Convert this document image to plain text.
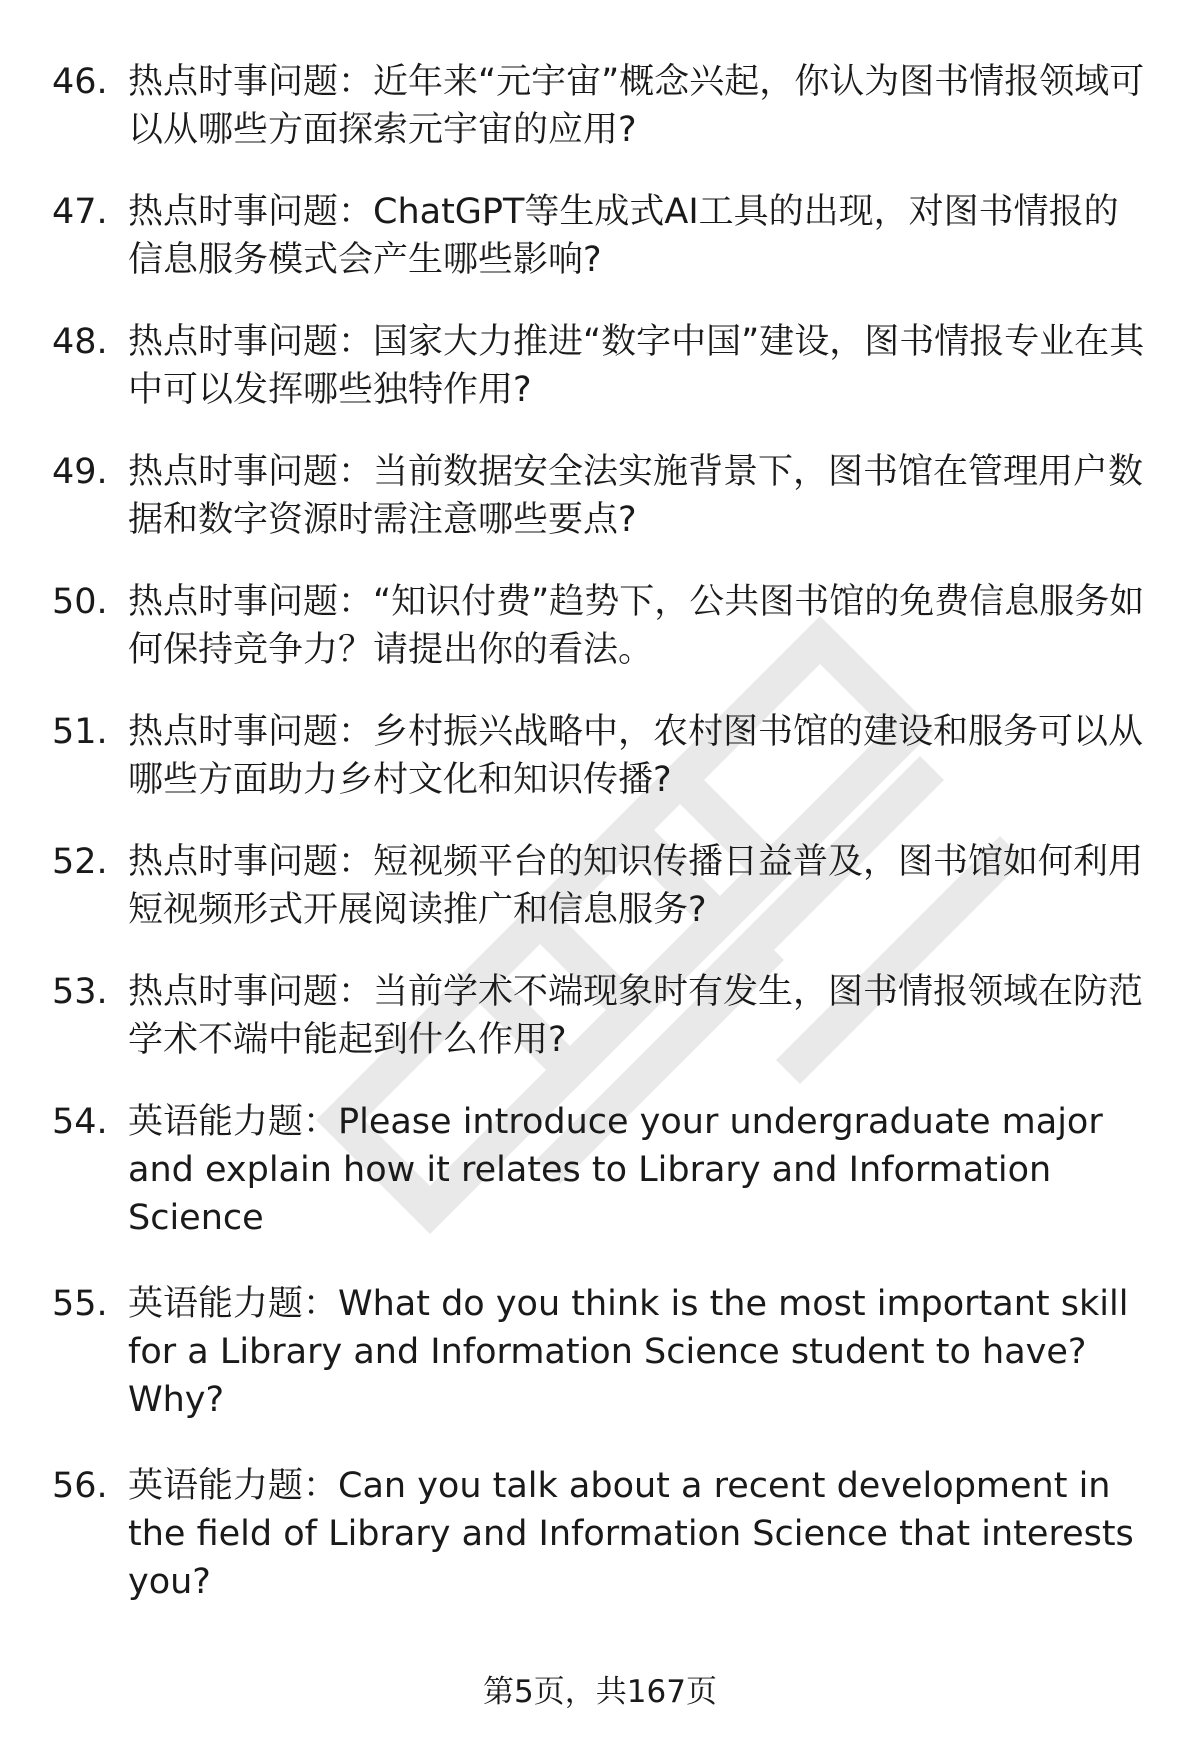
46. 热点时事问题：近年来“元宇宙”概念兴起，你认为图书情报领域可以从哪些方面探索元宇宙的应用?
47. 热点时事问题：ChatGPT等生成式AI工具的出现，对图书情报的信息服务模式会产生哪些影响?
48. 热点时事问题：国家大力推进“数字中国”建设，图书情报专业在其中可以发挥哪些独特作用?
49. 热点时事问题：当前数据安全法实施背景下，图书馆在管理用户数据和数字资源时需注意哪些要点?
50. 热点时事问题：“知识付费”趋势下，公共图书馆的免费信息服务如何保持竞争力？请提出你的看法。
51. 热点时事问题：乡村振兴战略中，农村图书馆的建设和服务可以从哪些方面助力乡村文化和知识传播?
52. 热点时事问题：短视频平台的知识传播日益普及，图书馆如何利用短视频形式开展阅读推广和信息服务?
53. 热点时事问题：当前学术不端现象时有发生，图书情报领域在防范学术不端中能起到什么作用?
54. 英语能力题：Please introduce your undergraduate major and explain how it relates to Library and Information Science
55. 英语能力题：What do you think is the most important skill for a Library and Information Science student to have? Why?
56. 英语能力题：Can you talk about a recent development in the field of Library and Information Science that interests you?
第5页，共167页
